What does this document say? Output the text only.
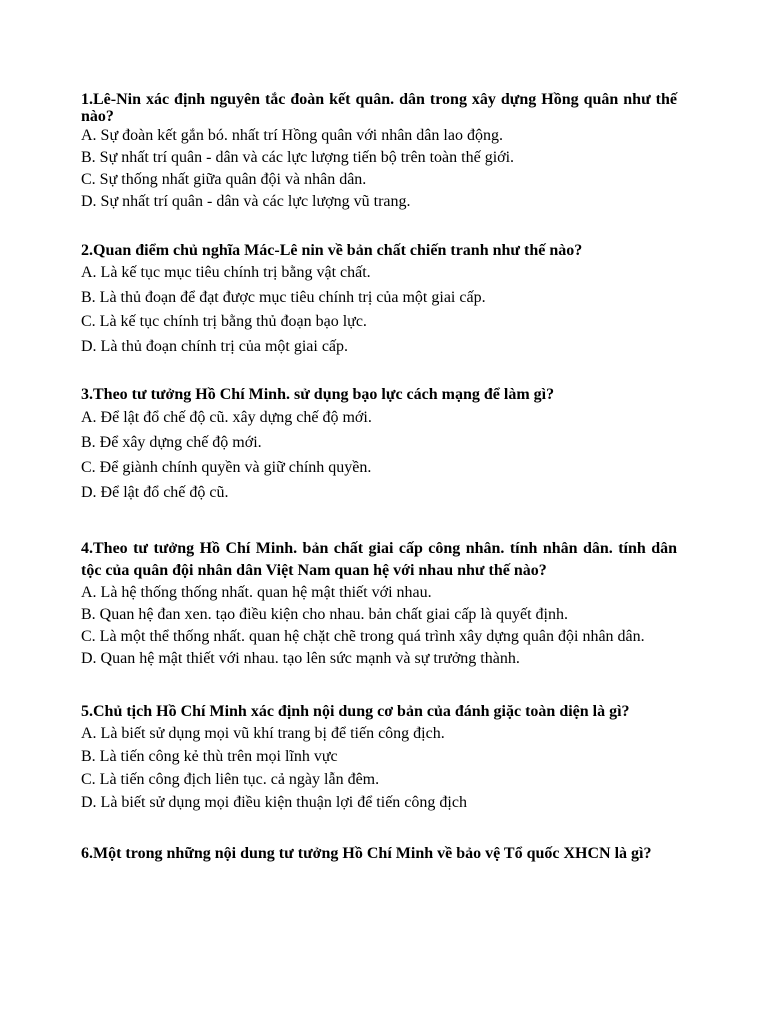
1.Lê-Nin xác định nguyên tắc đoàn kết quân. dân trong xây dựng Hồng quân như thế nào?

A. Sự đoàn kết gắn bó. nhất trí Hồng quân với nhân dân lao động.

B. Sự nhất trí quân - dân và các lực lượng tiến bộ trên toàn thế giới.

C. Sự thống nhất giữa quân đội và nhân dân.

D. Sự nhất trí quân - dân và các lực lượng vũ trang.

2.Quan điểm chủ nghĩa Mác-Lê nin về bản chất chiến tranh như thế nào?

A. Là kế tục mục tiêu chính trị bằng vật chất.

B. Là thủ đoạn để đạt được mục tiêu chính trị của một giai cấp.

C. Là kế tục chính trị bằng thủ đoạn bạo lực.

D. Là thủ đoạn chính trị của một giai cấp.

3.Theo tư tưởng Hồ Chí Minh. sử dụng bạo lực cách mạng để làm gì?

A. Để lật đổ chế độ cũ. xây dựng chế độ mới.

B. Để xây dựng chế độ mới.

C. Để giành chính quyền và giữ chính quyền.

D. Để lật đổ chế độ cũ.

4.Theo tư tưởng Hồ Chí Minh. bản chất giai cấp công nhân. tính nhân dân. tính dân tộc của quân đội nhân dân Việt Nam quan hệ với nhau như thế nào?

A. Là hệ thống thống nhất. quan hệ mật thiết với nhau.

B. Quan hệ đan xen. tạo điều kiện cho nhau. bản chất giai cấp là quyết định.

C. Là một thể thống nhất. quan hệ chặt chẽ trong quá trình xây dựng quân đội nhân dân.

D. Quan hệ mật thiết với nhau. tạo lên sức mạnh và sự trưởng thành.

5.Chủ tịch Hồ Chí Minh xác định nội dung cơ bản của đánh giặc toàn diện là gì?

A. Là biết sử dụng mọi vũ khí trang bị để tiến công địch.

B. Là tiến công kẻ thù trên mọi lĩnh vực

C. Là tiến công địch liên tục. cả ngày lẫn đêm.

D. Là biết sử dụng mọi điều kiện thuận lợi để tiến công địch

6.Một trong những nội dung tư tưởng Hồ Chí Minh về bảo vệ Tổ quốc XHCN là gì?
